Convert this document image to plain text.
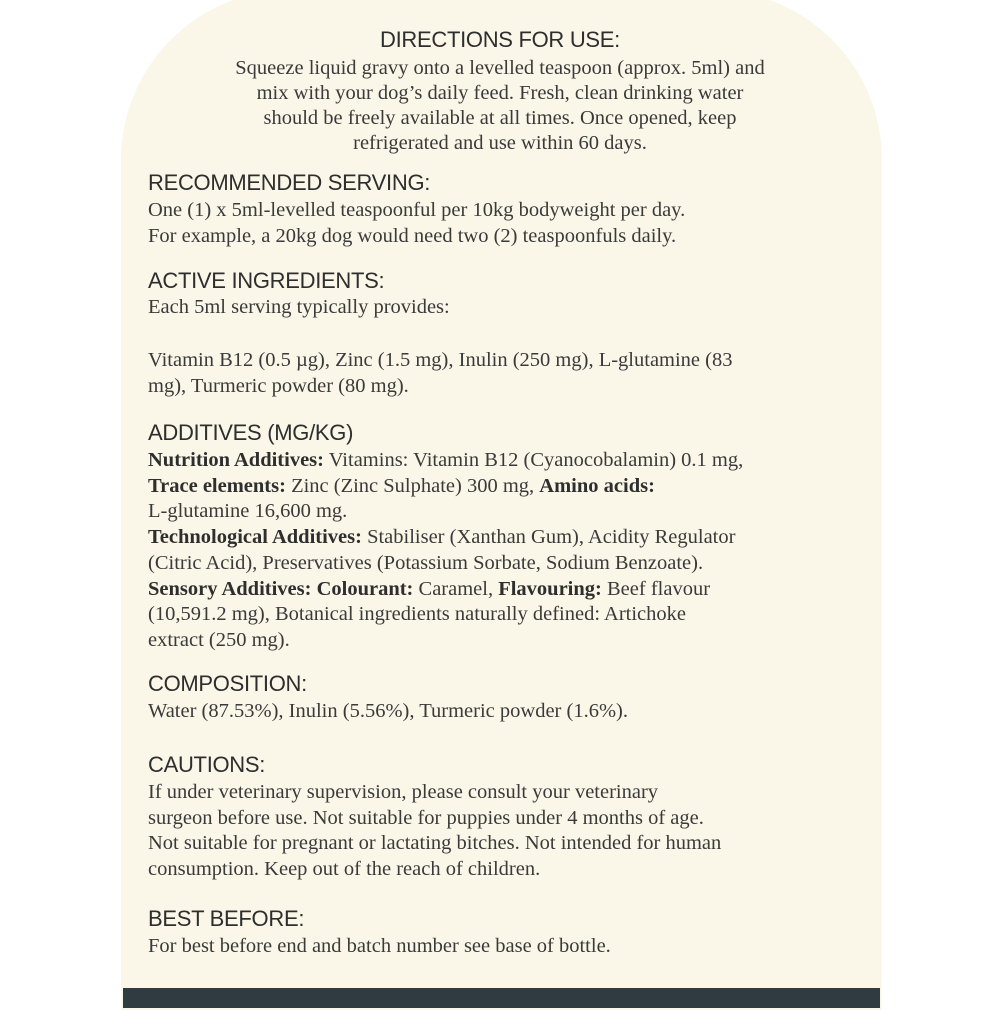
DIRECTIONS FOR USE:
Squeeze liquid gravy onto a levelled teaspoon (approx. 5ml) and
mix with your dog’s daily feed. Fresh, clean drinking water
should be freely available at all times. Once opened, keep
refrigerated and use within 60 days.
RECOMMENDED SERVING:
One (1) x 5ml-levelled teaspoonful per 10kg bodyweight per day.
For example, a 20kg dog would need two (2) teaspoonfuls daily.
ACTIVE INGREDIENTS:
Each 5ml serving typically provides:
Vitamin B12 (0.5 µg), Zinc (1.5 mg), Inulin (250 mg), L-glutamine (83
mg), Turmeric powder (80 mg).
ADDITIVES (MG/KG)
Nutrition Additives: Vitamins: Vitamin B12 (Cyanocobalamin) 0.1 mg,
Trace elements: Zinc (Zinc Sulphate) 300 mg, Amino acids:
L-glutamine 16,600 mg.
Technological Additives: Stabiliser (Xanthan Gum), Acidity Regulator
(Citric Acid), Preservatives (Potassium Sorbate, Sodium Benzoate).
Sensory Additives: Colourant: Caramel, Flavouring: Beef flavour
(10,591.2 mg), Botanical ingredients naturally defined: Artichoke
extract (250 mg).
COMPOSITION:
Water (87.53%), Inulin (5.56%), Turmeric powder (1.6%).
CAUTIONS:
If under veterinary supervision, please consult your veterinary
surgeon before use. Not suitable for puppies under 4 months of age.
Not suitable for pregnant or lactating bitches. Not intended for human
consumption. Keep out of the reach of children.
BEST BEFORE:
For best before end and batch number see base of bottle.
